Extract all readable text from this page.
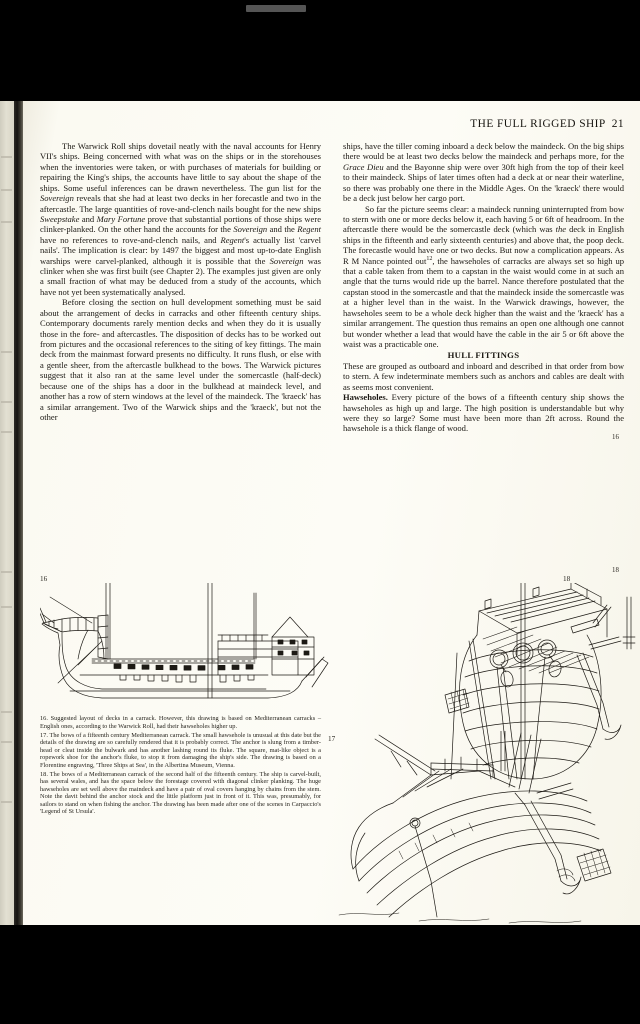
THE FULL RIGGED SHIP 21

The Warwick Roll ships dovetail neatly with the naval accounts for Henry VII's ships. Being concerned with what was on the ships or in the storehouses when the inventories were taken, or with purchases of materials for building or repairing the King's ships, the accounts have little to say about the shape of the ships. Some useful inferences can be drawn nevertheless. The gun list for the Sovereign reveals that she had at least two decks in her forecastle and two in the aftercastle. The large quantities of rove-and-clench nails bought for the new ships Sweepstake and Mary Fortune prove that substantial portions of those ships were clinker-planked. On the other hand the accounts for the Sovereign and the Regent have no references to rove-and-clench nails, and Regent's actually list 'carvel nails'. The implication is clear: by 1497 the biggest and most up-to-date English warships were carvel-planked, although it is possible that the Sovereign was clinker when she was first built (see Chapter 2). The examples just given are only a small fraction of what may be deduced from a study of the accounts, which have not yet been systematically analysed.

Before closing the section on hull development something must be said about the arrangement of decks in carracks and other fifteenth century ships. Contemporary documents rarely mention decks and when they do it is usually those in the fore- and aftercastles. The disposition of decks has to be worked out from pictures and the occasional references to the siting of key fittings. The main deck from the mainmast forward presents no difficulty. It runs flush, or else with a gentle sheer, from the aftercastle bulkhead to the bows. The Warwick pictures suggest that it also ran at the same level under the somercastle (half-deck) because one of the ships has a door in the bulkhead at maindeck level, and another has a row of stern windows at the level of the maindeck. The 'kraeck' has a similar arrangement. Two of the Warwick ships and the 'kraeck', but not the other

ships, have the tiller coming inboard a deck below the maindeck. On the big ships there would be at least two decks below the maindeck and perhaps more, for the Grace Dieu and the Bayonne ship were over 30ft high from the top of their keel to their maindeck. Ships of later times often had a deck at or near their waterline, so there was probably one there in the Middle Ages. On the 'kraeck' there would be a deck just below her cargo port.

So far the picture seems clear: a maindeck running uninterrupted from bow to stern with one or more decks below it, each having 5 or 6ft of headroom. In the aftercastle there would be the somercastle deck (which was the deck in English ships in the fifteenth and early sixteenth centuries) and above that, the poop deck. The forecastle would have one or two decks. But now a complication appears. As R M Nance pointed out$^{12}$, the hawseholes of carracks are always set so high up that a cable taken from them to a capstan in the waist would come in at such an angle that the turns would ride up the barrel. Nance therefore postulated that the capstan stood in the somercastle and that the maindeck inside the somercastle was at a higher level than in the waist. In the Warwick drawings, however, the hawseholes seem to be a whole deck higher than the waist and the 'kraeck' has a similar arrangement. The question thus remains an open one although one cannot but wonder whether a lead that would have the cable in the air 5 or 6ft above the waist was a practicable one.

HULL FITTINGS

These are grouped as outboard and inboard and described in that order from bow to stern. A few indeterminate members such as anchors and cables are dealt with as seems most convenient.

Hawseholes. Every picture of the bows of a fifteenth century ship shows the hawseholes as high up and large. The high position is understandable but why were they so large? Some must have been more than 2ft across. Round the hawsehole is a thick flange of wood.

16
18
16	18
17

16. Suggested layout of decks in a carrack. However, this drawing is based on Mediterranean carracks – English ones, according to the Warwick Roll, had their hawseholes higher up.

17. The bows of a fifteenth century Mediterranean carrack. The small hawsehole is unusual at this date but the details of the drawing are so carefully rendered that it is probably correct. The anchor is slung from a timber-head or cleat inside the bulwark and has another lashing round its fluke. The square, mat-like object is a ropework shoe for the anchor's fluke, to stop it from damaging the ship's side. The drawing is based on a Florentine engraving, 'Three Ships at Sea', in the Albertina Museum, Vienna.

18. The bows of a Mediterranean carrack of the second half of the fifteenth century. The ship is carvel-built, has several wales, and has the space below the forestage covered with diagonal clinker planking. The huge hawseholes are set well above the maindeck and have a pair of oval covers hanging by chains from the stem. Note the davit behind the anchor stock and the little platform just in front of it. This was, presumably, for sailors to stand on when fishing the anchor. The drawing has been made after one of the scenes in Carpaccio's 'Legend of St Ursula'.
